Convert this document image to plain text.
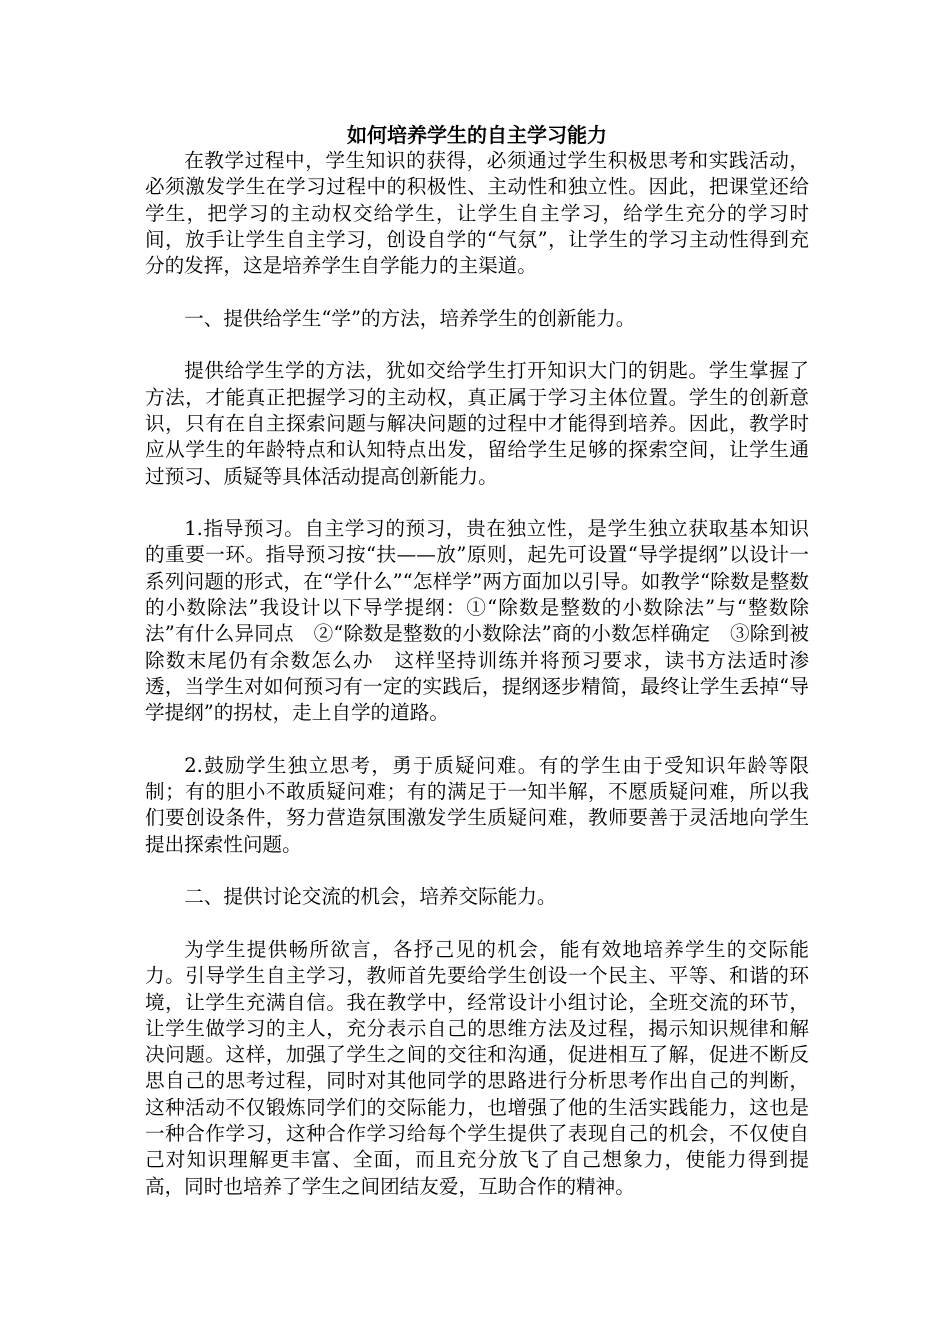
如何培养学生的自主学习能力

在教学过程中，学生知识的获得，必须通过学生积极思考和实践活动，必须激发学生在学习过程中的积极性、主动性和独立性。因此，把课堂还给学生，把学习的主动权交给学生，让学生自主学习，给学生充分的学习时间，放手让学生自主学习，创设自学的“气氛”，让学生的学习主动性得到充分的发挥，这是培养学生自学能力的主渠道。

一、提供给学生“学”的方法，培养学生的创新能力。

提供给学生学的方法，犹如交给学生打开知识大门的钥匙。学生掌握了方法，才能真正把握学习的主动权，真正属于学习主体位置。学生的创新意识，只有在自主探索问题与解决问题的过程中才能得到培养。因此，教学时应从学生的年龄特点和认知特点出发，留给学生足够的探索空间，让学生通过预习、质疑等具体活动提高创新能力。

1.指导预习。自主学习的预习，贵在独立性，是学生独立获取基本知识的重要一环。指导预习按“扶——放”原则，起先可设置“导学提纲”以设计一系列问题的形式，在“学什么”“怎样学”两方面加以引导。如教学“除数是整数的小数除法”我设计以下导学提纲：①“除数是整数的小数除法”与“整数除法”有什么异同点　②“除数是整数的小数除法”商的小数怎样确定　③除到被除数末尾仍有余数怎么办　这样坚持训练并将预习要求，读书方法适时渗透，当学生对如何预习有一定的实践后，提纲逐步精简，最终让学生丢掉“导学提纲”的拐杖，走上自学的道路。

2.鼓励学生独立思考，勇于质疑问难。有的学生由于受知识年龄等限制；有的胆小不敢质疑问难；有的满足于一知半解，不愿质疑问难，所以我们要创设条件，努力营造氛围激发学生质疑问难，教师要善于灵活地向学生提出探索性问题。

二、提供讨论交流的机会，培养交际能力。

为学生提供畅所欲言，各抒己见的机会，能有效地培养学生的交际能力。引导学生自主学习，教师首先要给学生创设一个民主、平等、和谐的环境，让学生充满自信。我在教学中，经常设计小组讨论，全班交流的环节，让学生做学习的主人，充分表示自己的思维方法及过程，揭示知识规律和解决问题。这样，加强了学生之间的交往和沟通，促进相互了解，促进不断反思自己的思考过程，同时对其他同学的思路进行分析思考作出自己的判断，这种活动不仅锻炼同学们的交际能力，也增强了他的生活实践能力，这也是一种合作学习，这种合作学习给每个学生提供了表现自己的机会，不仅使自己对知识理解更丰富、全面，而且充分放飞了自己想象力，使能力得到提高，同时也培养了学生之间团结友爱，互助合作的精神。
